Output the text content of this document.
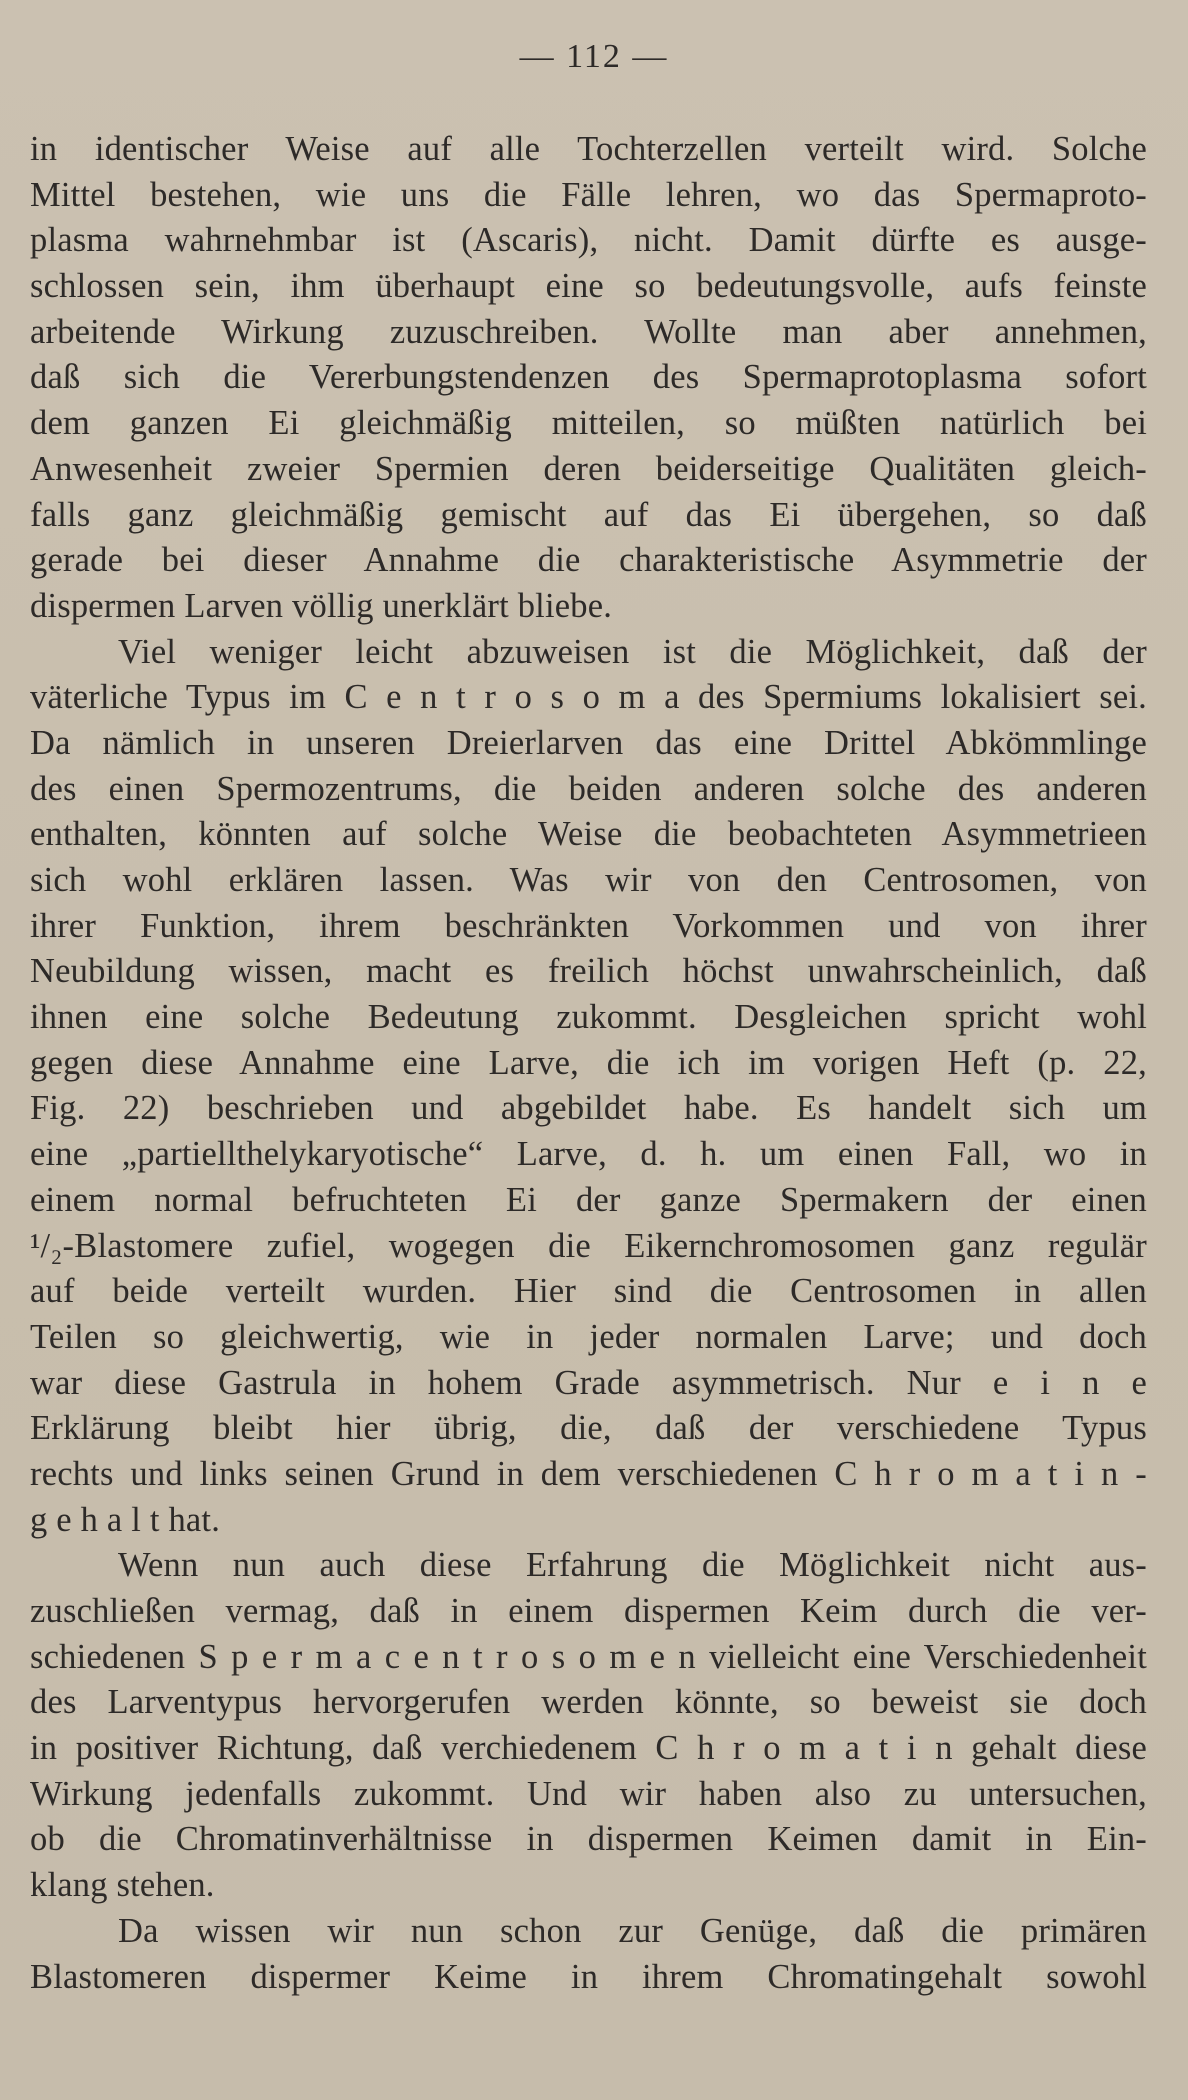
— 112 —
in identischer Weise auf alle Tochterzellen verteilt wird. Solche
Mittel bestehen, wie uns die Fälle lehren, wo das Spermaproto-
plasma wahrnehmbar ist (Ascaris), nicht. Damit dürfte es ausge-
schlossen sein, ihm überhaupt eine so bedeutungsvolle, aufs feinste
arbeitende Wirkung zuzuschreiben. Wollte man aber annehmen,
daß sich die Vererbungstendenzen des Spermaprotoplasma sofort
dem ganzen Ei gleichmäßig mitteilen, so müßten natürlich bei
Anwesenheit zweier Spermien deren beiderseitige Qualitäten gleich-
falls ganz gleichmäßig gemischt auf das Ei übergehen, so daß
gerade bei dieser Annahme die charakteristische Asymmetrie der
dispermen Larven völlig unerklärt bliebe.
Viel weniger leicht abzuweisen ist die Möglichkeit, daß der
väterliche Typus im C e n t r o s o m a des Spermiums lokalisiert sei.
Da nämlich in unseren Dreierlarven das eine Drittel Abkömmlinge
des einen Spermozentrums, die beiden anderen solche des anderen
enthalten, könnten auf solche Weise die beobachteten Asymmetrieen
sich wohl erklären lassen. Was wir von den Centrosomen, von
ihrer Funktion, ihrem beschränkten Vorkommen und von ihrer
Neubildung wissen, macht es freilich höchst unwahrscheinlich, daß
ihnen eine solche Bedeutung zukommt. Desgleichen spricht wohl
gegen diese Annahme eine Larve, die ich im vorigen Heft (p. 22,
Fig. 22) beschrieben und abgebildet habe. Es handelt sich um
eine „partiellthelykaryotische“ Larve, d. h. um einen Fall, wo in
einem normal befruchteten Ei der ganze Spermakern der einen
¹/₂-Blastomere zufiel, wogegen die Eikernchromosomen ganz regulär
auf beide verteilt wurden. Hier sind die Centrosomen in allen
Teilen so gleichwertig, wie in jeder normalen Larve; und doch
war diese Gastrula in hohem Grade asymmetrisch. Nur e i n e
Erklärung bleibt hier übrig, die, daß der verschiedene Typus
rechts und links seinen Grund in dem verschiedenen C h r o m a t i n -
g e h a l t hat.
Wenn nun auch diese Erfahrung die Möglichkeit nicht aus-
zuschließen vermag, daß in einem dispermen Keim durch die ver-
schiedenen S p e r m a c e n t r o s o m e n vielleicht eine Verschiedenheit
des Larventypus hervorgerufen werden könnte, so beweist sie doch
in positiver Richtung, daß verchiedenem C h r o m a t i n gehalt diese
Wirkung jedenfalls zukommt. Und wir haben also zu untersuchen,
ob die Chromatinverhältnisse in dispermen Keimen damit in Ein-
klang stehen.
Da wissen wir nun schon zur Genüge, daß die primären
Blastomeren dispermer Keime in ihrem Chromatingehalt sowohl
